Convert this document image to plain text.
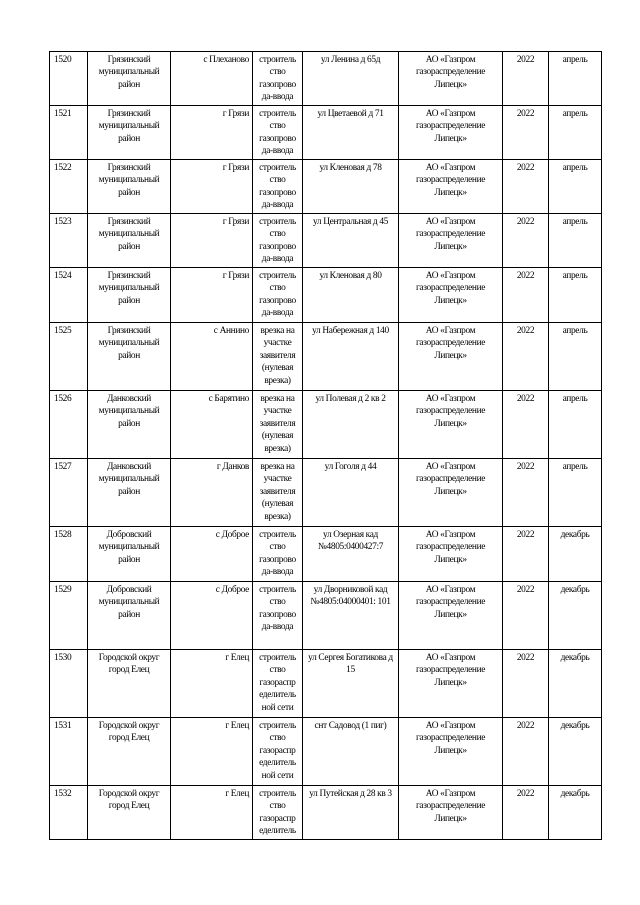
1520	Грязинский муниципальный район	с Плеханово	строитель ство газопрово да-ввода	ул Ленина д 65д	АО «Газпром газораспределение Липецк»	2022	апрель
1521	Грязинский муниципальный район	г Грязи	строитель ство газопрово да-ввода	ул Цветаевой д 71	АО «Газпром газораспределение Липецк»	2022	апрель
1522	Грязинский муниципальный район	г Грязи	строитель ство газопрово да-ввода	ул Кленовая д 78	АО «Газпром газораспределение Липецк»	2022	апрель
1523	Грязинский муниципальный район	г Грязи	строитель ство газопрово да-ввода	ул Центральная д 45	АО «Газпром газораспределение Липецк»	2022	апрель
1524	Грязинский муниципальный район	г Грязи	строитель ство газопрово да-ввода	ул Кленовая д 80	АО «Газпром газораспределение Липецк»	2022	апрель
1525	Грязинский муниципальный район	с Аннино	врезка на участке заявителя (нулевая врезка)	ул Набережная д 140	АО «Газпром газораспределение Липецк»	2022	апрель
1526	Данковский муниципальный район	с Барятино	врезка на участке заявителя (нулевая врезка)	ул Полевая д 2 кв 2	АО «Газпром газораспределение Липецк»	2022	апрель
1527	Данковский муниципальный район	г Данков	врезка на участке заявителя (нулевая врезка)	ул Гоголя д 44	АО «Газпром газораспределение Липецк»	2022	апрель
1528	Добровский муниципальный район	с Доброе	строитель ство газопрово да-ввода	ул Озерная кад №4805:0400427:7	АО «Газпром газораспределение Липецк»	2022	декабрь
1529	Добровский муниципальный район	с Доброе	строитель ство газопрово да-ввода	ул Дворниковой кад №4805:04000401: 101	АО «Газпром газораспределение Липецк»	2022	декабрь
1530	Городской округ город Елец	г Елец	строитель ство газораспр еделитель ной сети	ул Сергея Богатикова д 15	АО «Газпром газораспределение Липецк»	2022	декабрь
1531	Городской округ город Елец	г Елец	строитель ство газораспр еделитель ной сети	снт Садовод (1 пиг)	АО «Газпром газораспределение Липецк»	2022	декабрь
1532	Городской округ город Елец	г Елец	строитель ство газораспр еделитель	ул Путейская д 28 кв 3	АО «Газпром газораспределение Липецк»	2022	декабрь
